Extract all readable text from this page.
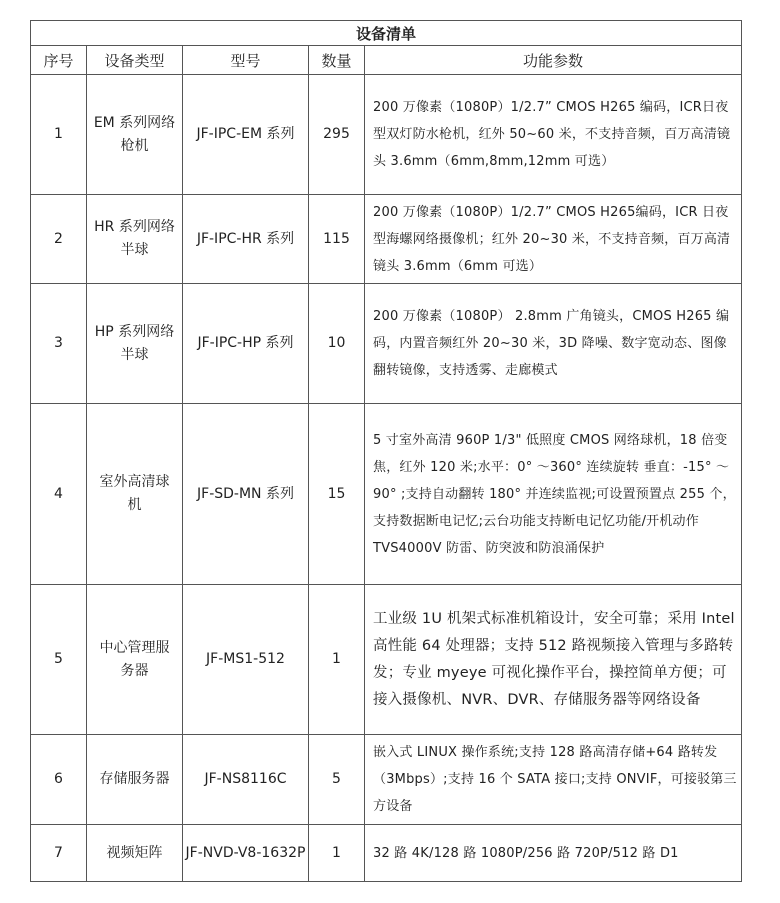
设备清单				
序号	设备类型	型号	数量	功能参数
1	EM 系列网络枪机	JF-IPC-EM 系列	295	200 万像素（1080P）1/2.7” CMOS H265 编码，ICR日夜型双灯防水枪机，红外 50~60 米，不支持音频，百万高清镜头 3.6mm（6mm,8mm,12mm 可选）
2	HR 系列网络半球	JF-IPC-HR 系列	115	200 万像素（1080P）1/2.7” CMOS H265编码，ICR 日夜型海螺网络摄像机；红外 20~30 米，不支持音频，百万高清镜头 3.6mm（6mm 可选）
3	HP 系列网络半球	JF-IPC-HP 系列	10	200 万像素（1080P） 2.8mm 广角镜头，CMOS H265 编码，内置音频红外 20~30 米，3D 降噪、数字宽动态、图像翻转镜像，支持透雾、走廊模式
4	室外高清球机	JF-SD-MN 系列	15	5 寸室外高清 960P 1/3" 低照度 CMOS 网络球机，18 倍变焦，红外 120 米;水平：0° ～360° 连续旋转 垂直：-15° ～90° ;支持自动翻转 180° 并连续监视;可设置预置点 255 个，支持数据断电记忆;云台功能支持断电记忆功能/开机动作 TVS4000V 防雷、防突波和防浪涌保护
5	中心管理服务器	JF-MS1-512	1	工业级 1U 机架式标准机箱设计，安全可靠；采用 Intel 高性能 64 处理器；支持 512 路视频接入管理与多路转发；专业 myeye 可视化操作平台，操控简单方便；可接入摄像机、NVR、DVR、存储服务器等网络设备
6	存储服务器	JF-NS8116C	5	嵌入式 LINUX 操作系统;支持 128 路高清存储+64 路转发（3Mbps）;支持 16 个 SATA 接口;支持 ONVIF，可接驳第三方设备
7	视频矩阵	JF-NVD-V8-1632P	1	32 路 4K/128 路 1080P/256 路 720P/512 路 D1
